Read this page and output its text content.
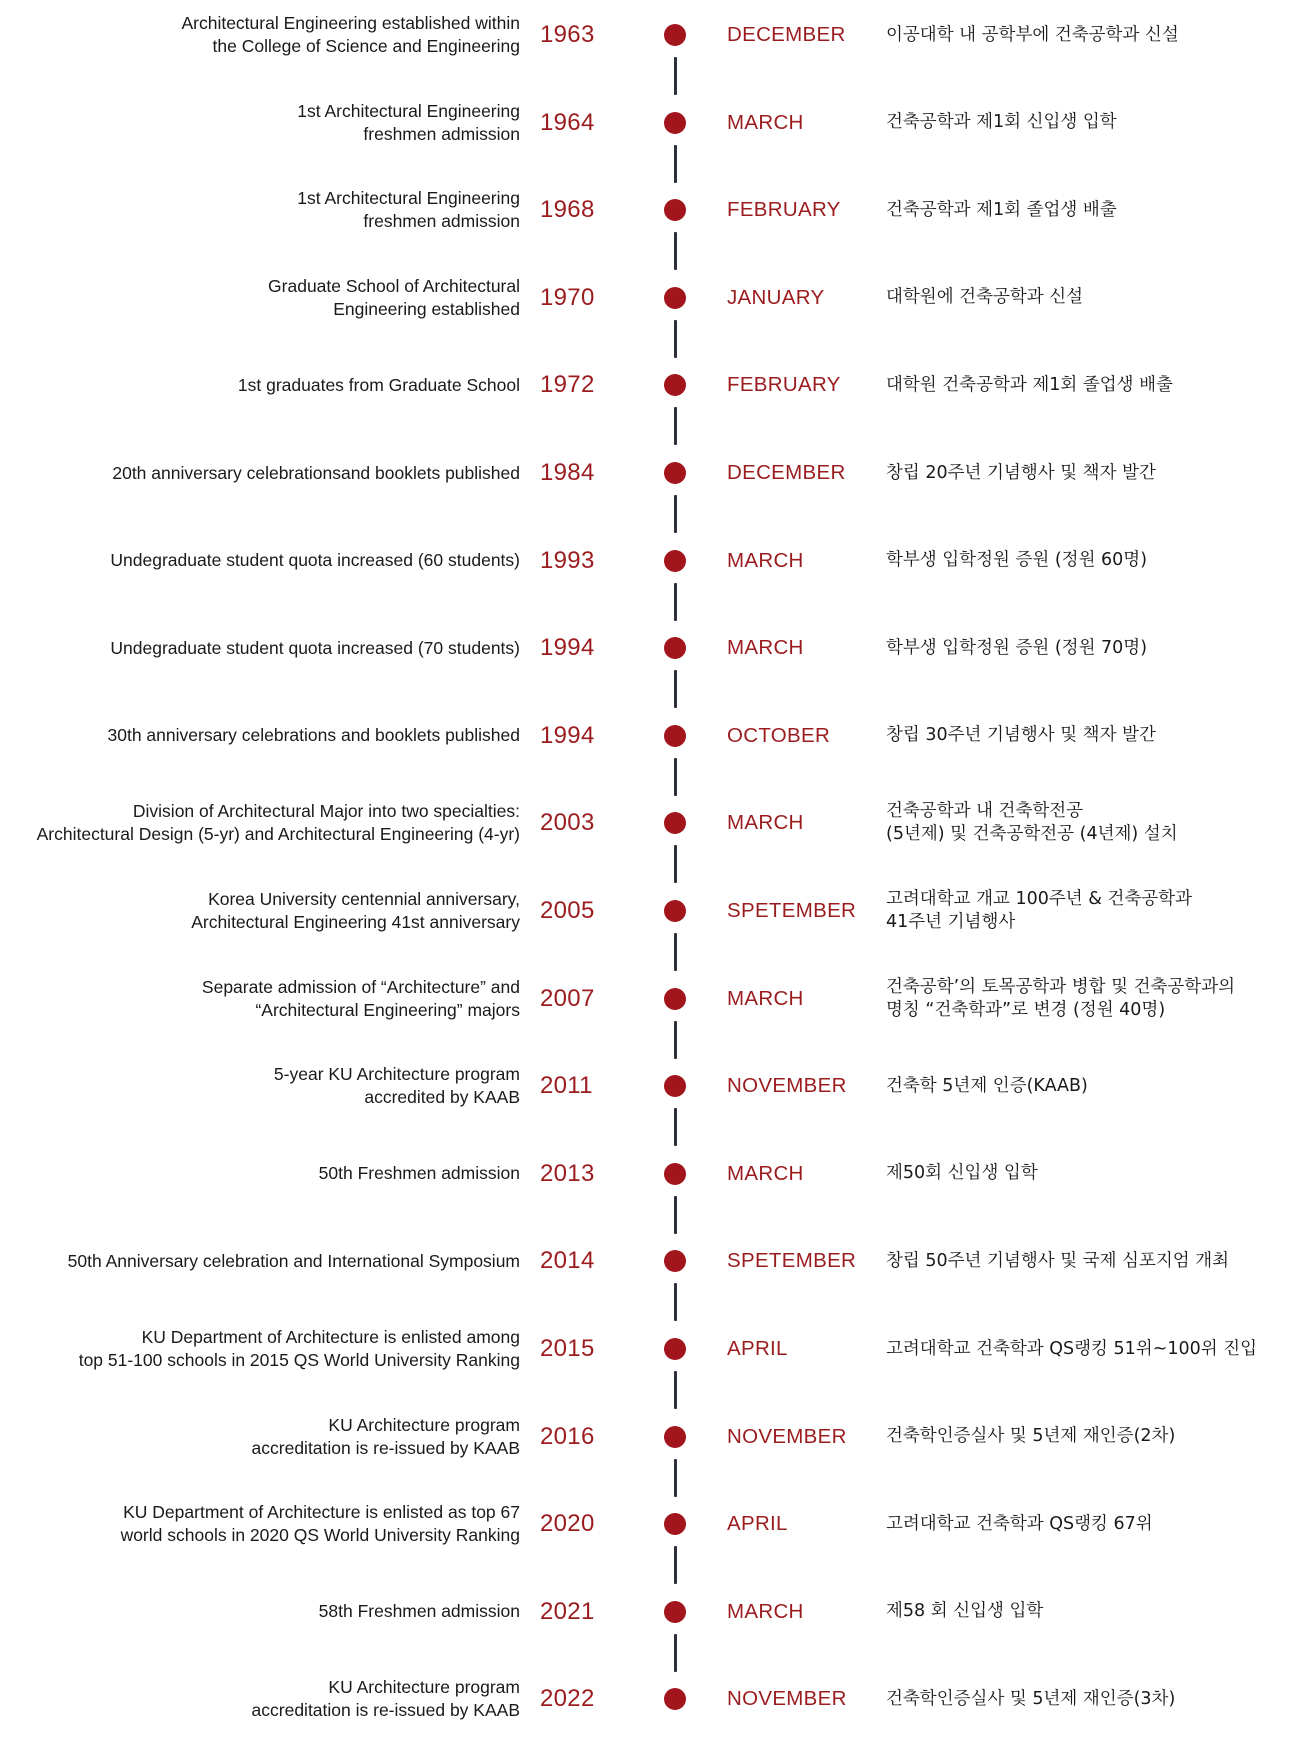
Architectural Engineering established within
the College of Science and Engineering 1963	DECEMBER	이공대학 내 공학부에 건축공학과 신설
1st Architectural Engineering
freshmen admission 1964	MARCH	건축공학과 제1회 신입생 입학
1st Architectural Engineering
freshmen admission 1968	FEBRUARY	건축공학과 제1회 졸업생 배출
Graduate School of Architectural
Engineering established 1970	JANUARY	대학원에 건축공학과 신설
1st graduates from Graduate School 1972	FEBRUARY	대학원 건축공학과 제1회 졸업생 배출
20th anniversary celebrationsand booklets published 1984	DECEMBER	창립 20주년 기념행사 및 책자 발간
Undegraduate student quota increased (60 students) 1993	MARCH	학부생 입학정원 증원 (정원 60명)
Undegraduate student quota increased (70 students) 1994	MARCH	학부생 입학정원 증원 (정원 70명)
30th anniversary celebrations and booklets published 1994	OCTOBER	창립 30주년 기념행사 및 책자 발간
Division of Architectural Major into two specialties:
Architectural Design (5-yr) and Architectural Engineering (4-yr) 2003	MARCH	건축공학과 내 건축학전공
(5년제) 및 건축공학전공 (4년제) 설치
Korea University centennial anniversary,
Architectural Engineering 41st anniversary 2005	SPETEMBER	고려대학교 개교 100주년 & 건축공학과
41주년 기념행사
Separate admission of “Architecture” and
“Architectural Engineering” majors 2007	MARCH	건축공학’의 토목공학과 병합 및 건축공학과의
명칭 “건축학과”로 변경 (정원 40명)
5-year KU Architecture program
accredited by KAAB 2011	NOVEMBER	건축학 5년제 인증(KAAB)
50th Freshmen admission 2013	MARCH	제50회 신입생 입학
50th Anniversary celebration and International Symposium 2014	SPETEMBER	창립 50주년 기념행사 및 국제 심포지엄 개최
KU Department of Architecture is enlisted among
top 51-100 schools in 2015 QS World University Ranking 2015	APRIL	고려대학교 건축학과 QS랭킹 51위~100위 진입
KU Architecture program
accreditation is re-issued by KAAB 2016	NOVEMBER	건축학인증실사 및 5년제 재인증(2차)
KU Department of Architecture is enlisted as top 67
world schools in 2020 QS World University Ranking 2020	APRIL	고려대학교 건축학과 QS랭킹 67위
58th Freshmen admission 2021	MARCH	제58 회 신입생 입학
KU Architecture program
accreditation is re-issued by KAAB 2022	NOVEMBER	건축학인증실사 및 5년제 재인증(3차)
